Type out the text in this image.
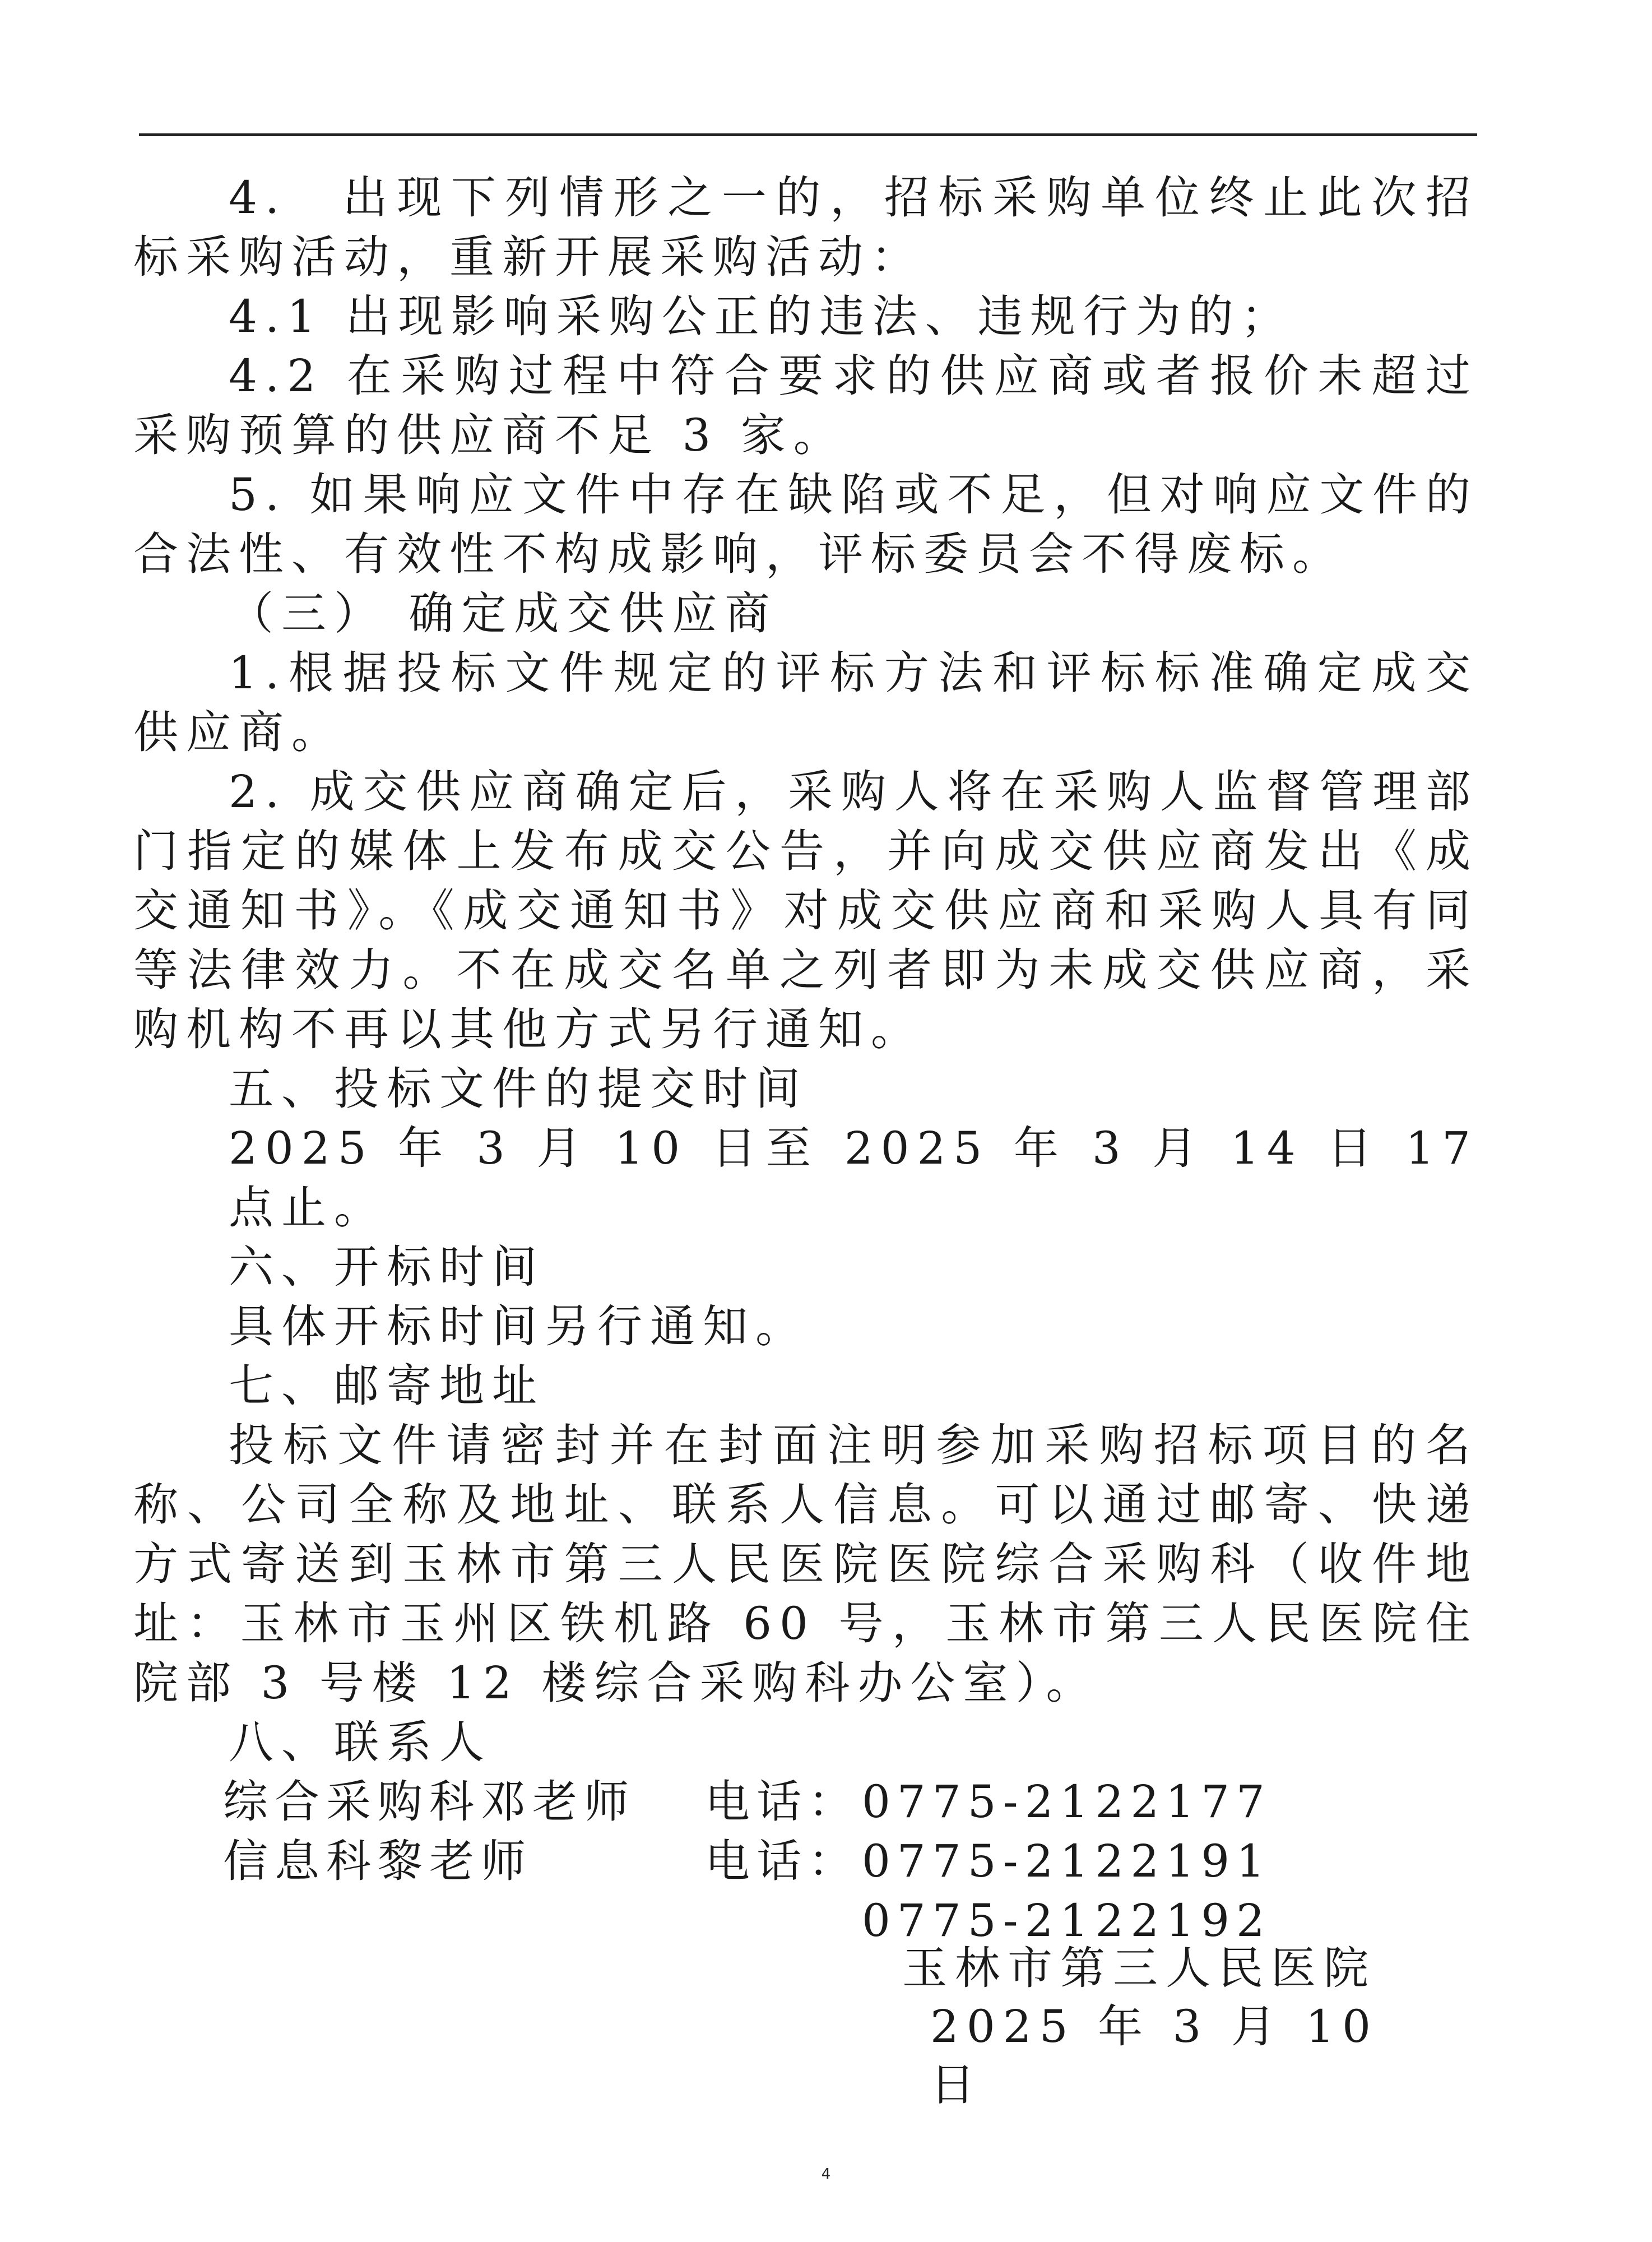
4.　出现下列情形之一的，招标采购单位终止此次招标采购活动，重新开展采购活动：

4.1 出现影响采购公正的违法、违规行为的；

4.2 在采购过程中符合要求的供应商或者报价未超过采购预算的供应商不足 3 家。

5. 如果响应文件中存在缺陷或不足，但对响应文件的合法性、有效性不构成影响，评标委员会不得废标。

（三） 确定成交供应商

1.根据投标文件规定的评标方法和评标标准确定成交供应商。

2. 成交供应商确定后，采购人将在采购人监督管理部门指定的媒体上发布成交公告，并向成交供应商发出《成交通知书》。《成交通知书》对成交供应商和采购人具有同等法律效力。不在成交名单之列者即为未成交供应商，采购机构不再以其他方式另行通知。

五、投标文件的提交时间

2025 年 3 月 10 日至 2025 年 3 月 14 日 17 点止。

六、开标时间

具体开标时间另行通知。

七、邮寄地址

投标文件请密封并在封面注明参加采购招标项目的名称、公司全称及地址、联系人信息。可以通过邮寄、快递方式寄送到玉林市第三人民医院医院综合采购科（收件地址：玉林市玉州区铁机路 60 号，玉林市第三人民医院住院部 3 号楼 12 楼综合采购科办公室）。

八、联系人

综合采购科邓老师	电话： 0775-2122177
信息科黎老师	电话： 0775-2122191
0775-2122192
玉林市第三人民医院
2025 年 3 月 10 日
4
